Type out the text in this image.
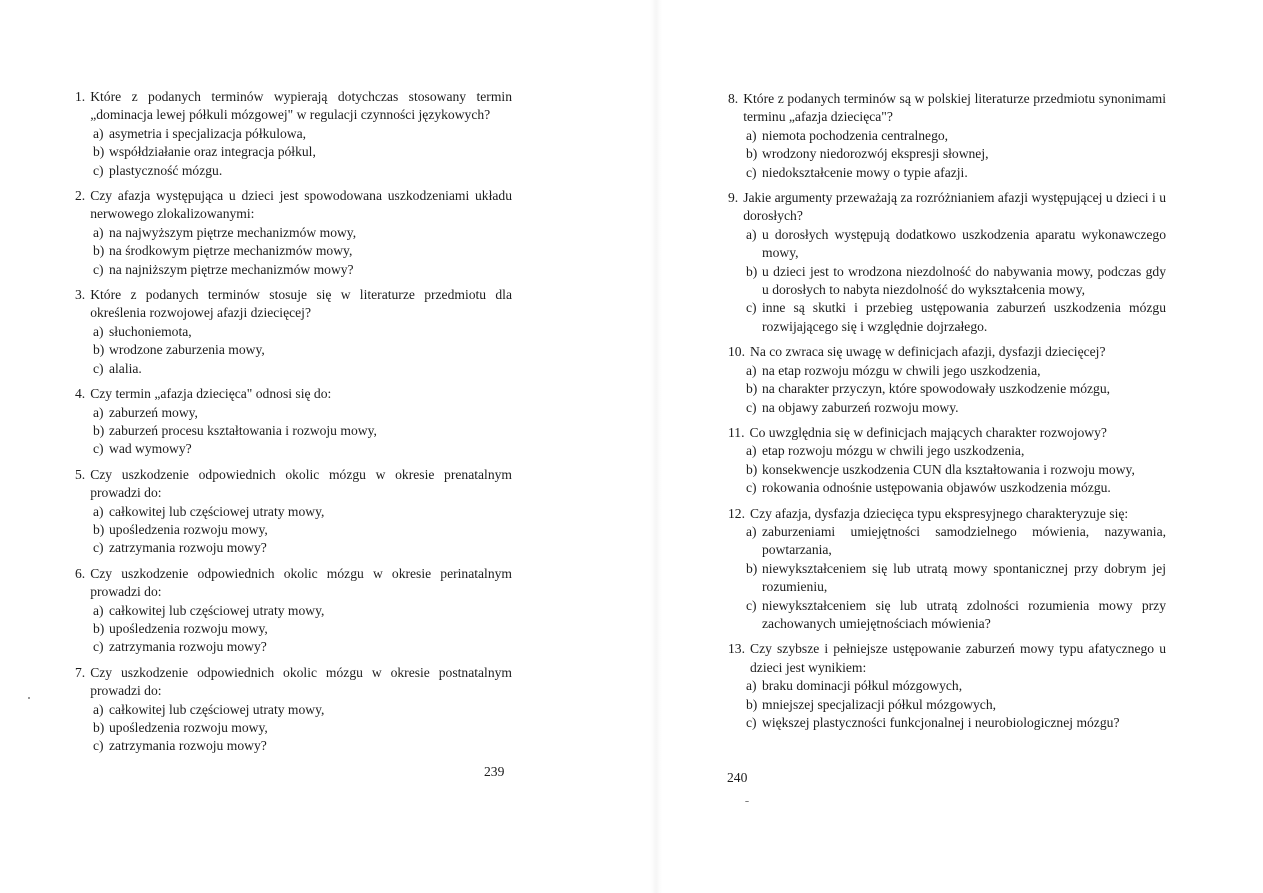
1. Które z podanych terminów wypierają dotychczas stosowany termin „dominacja lewej półkuli mózgowej" w regulacji czynności językowych?
a) asymetria i specjalizacja półkulowa,
b) współdziałanie oraz integracja półkul,
c) plastyczność mózgu.
2. Czy afazja występująca u dzieci jest spowodowana uszkodzeniami układu nerwowego zlokalizowanymi:
a) na najwyższym piętrze mechanizmów mowy,
b) na środkowym piętrze mechanizmów mowy,
c) na najniższym piętrze mechanizmów mowy?
3. Które z podanych terminów stosuje się w literaturze przedmiotu dla określenia rozwojowej afazji dziecięcej?
a) słuchoniemota,
b) wrodzone zaburzenia mowy,
c) alalia.
4. Czy termin „afazja dziecięca" odnosi się do:
a) zaburzeń mowy,
b) zaburzeń procesu kształtowania i rozwoju mowy,
c) wad wymowy?
5. Czy uszkodzenie odpowiednich okolic mózgu w okresie prenatalnym prowadzi do:
a) całkowitej lub częściowej utraty mowy,
b) upośledzenia rozwoju mowy,
c) zatrzymania rozwoju mowy?
6. Czy uszkodzenie odpowiednich okolic mózgu w okresie perinatalnym prowadzi do:
a) całkowitej lub częściowej utraty mowy,
b) upośledzenia rozwoju mowy,
c) zatrzymania rozwoju mowy?
7. Czy uszkodzenie odpowiednich okolic mózgu w okresie postnatalnym prowadzi do:
a) całkowitej lub częściowej utraty mowy,
b) upośledzenia rozwoju mowy,
c) zatrzymania rozwoju mowy?
239
8. Które z podanych terminów są w polskiej literaturze przedmiotu synonimami terminu „afazja dziecięca"?
a) niemota pochodzenia centralnego,
b) wrodzony niedorozwój ekspresji słownej,
c) niedokształcenie mowy o typie afazji.
9. Jakie argumenty przeważają za rozróżnianiem afazji występującej u dzieci i u dorosłych?
a) u dorosłych występują dodatkowo uszkodzenia aparatu wykonawczego mowy,
b) u dzieci jest to wrodzona niezdolność do nabywania mowy, podczas gdy u dorosłych to nabyta niezdolność do wykształcenia mowy,
c) inne są skutki i przebieg ustępowania zaburzeń uszkodzenia mózgu rozwijającego się i względnie dojrzałego.
10. Na co zwraca się uwagę w definicjach afazji, dysfazji dziecięcej?
a) na etap rozwoju mózgu w chwili jego uszkodzenia,
b) na charakter przyczyn, które spowodowały uszkodzenie mózgu,
c) na objawy zaburzeń rozwoju mowy.
11. Co uwzględnia się w definicjach mających charakter rozwojowy?
a) etap rozwoju mózgu w chwili jego uszkodzenia,
b) konsekwencje uszkodzenia CUN dla kształtowania i rozwoju mowy,
c) rokowania odnośnie ustępowania objawów uszkodzenia mózgu.
12. Czy afazja, dysfazja dziecięca typu ekspresyjnego charakteryzuje się:
a) zaburzeniami umiejętności samodzielnego mówienia, nazywania, powtarzania,
b) niewykształceniem się lub utratą mowy spontanicznej przy dobrym jej rozumieniu,
c) niewykształceniem się lub utratą zdolności rozumienia mowy przy zachowanych umiejętnościach mówienia?
13. Czy szybsze i pełniejsze ustępowanie zaburzeń mowy typu afatycznego u dzieci jest wynikiem:
a) braku dominacji półkul mózgowych,
b) mniejszej specjalizacji półkul mózgowych,
c) większej plastyczności funkcjonalnej i neurobiologicznej mózgu?
240
